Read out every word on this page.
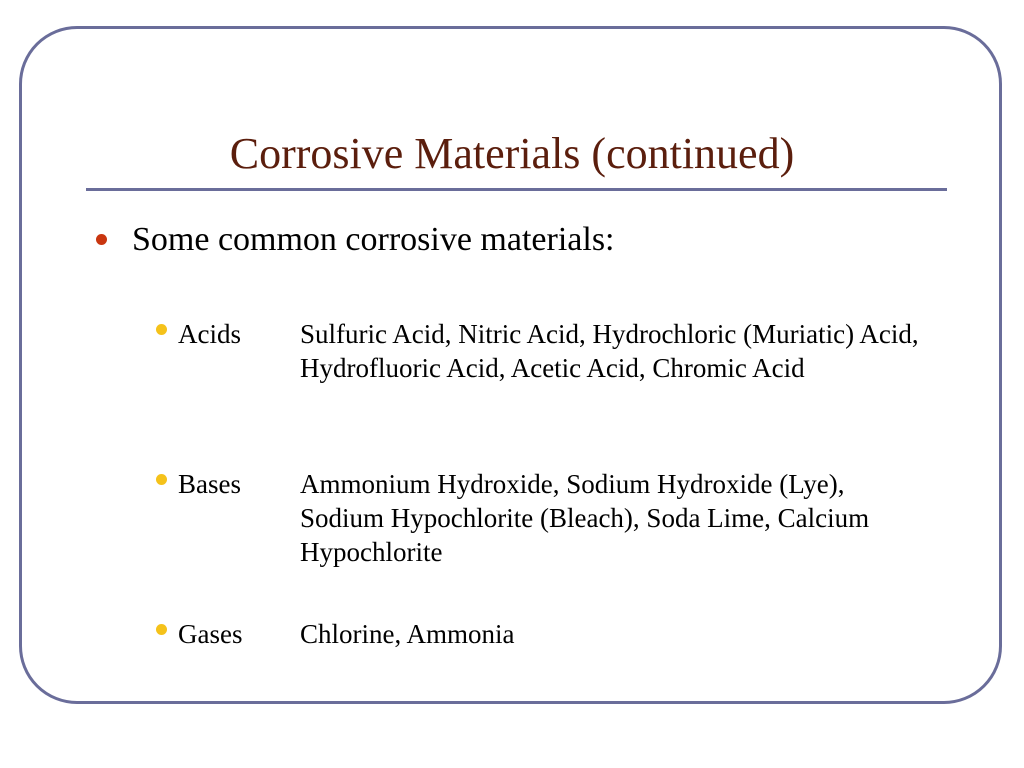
Corrosive Materials (continued)
Some common corrosive materials:
Acids Sulfuric Acid, Nitric Acid, Hydrochloric (Muriatic) Acid, Hydrofluoric Acid, Acetic Acid, Chromic Acid
Bases Ammonium Hydroxide, Sodium Hydroxide (Lye), Sodium Hypochlorite (Bleach), Soda Lime, Calcium Hypochlorite
Gases Chlorine, Ammonia
